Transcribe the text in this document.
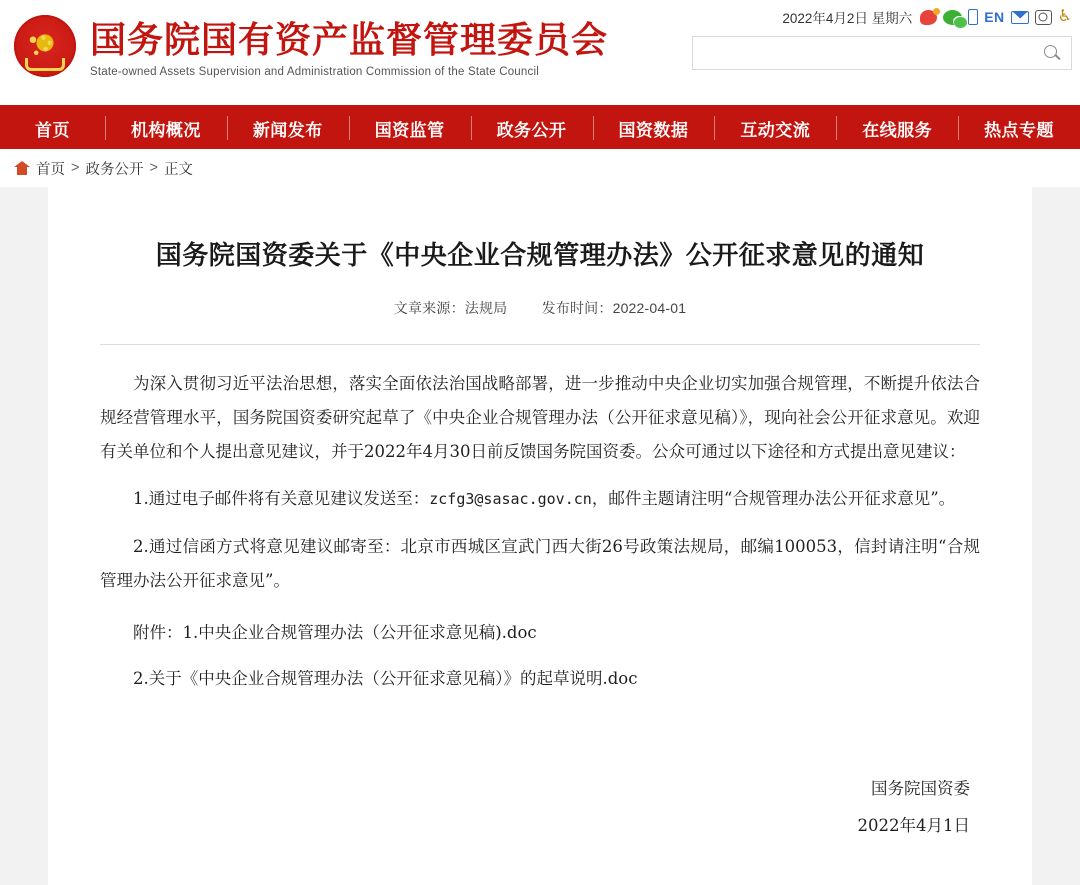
国务院国有资产监督管理委员会
State-owned Assets Supervision and Administration Commission of the State Council
2022年4月2日 星期六	EN	♿
首页	机构概况	新闻发布	国资监管	政务公开	国资数据	互动交流	在线服务	热点专题
首页 > 政务公开 > 正文
国务院国资委关于《中央企业合规管理办法》公开征求意见的通知
文章来源：法规局 发布时间：2022-04-01

为深入贯彻习近平法治思想，落实全面依法治国战略部署，进一步推动中央企业切实加强合规管理，不断提升依法合规经营管理水平，国务院国资委研究起草了《中央企业合规管理办法（公开征求意见稿）》，现向社会公开征求意见。欢迎有关单位和个人提出意见建议，并于2022年4月30日前反馈国务院国资委。公众可通过以下途径和方式提出意见建议：

1.通过电子邮件将有关意见建议发送至：zcfg3@sasac.gov.cn，邮件主题请注明“合规管理办法公开征求意见”。

2.通过信函方式将意见建议邮寄至：北京市西城区宣武门西大街26号政策法规局，邮编100053，信封请注明“合规管理办法公开征求意见”。

附件：1.中央企业合规管理办法（公开征求意见稿).doc

2.关于《中央企业合规管理办法（公开征求意见稿）》的起草说明.doc

国务院国资委
2022年4月1日
